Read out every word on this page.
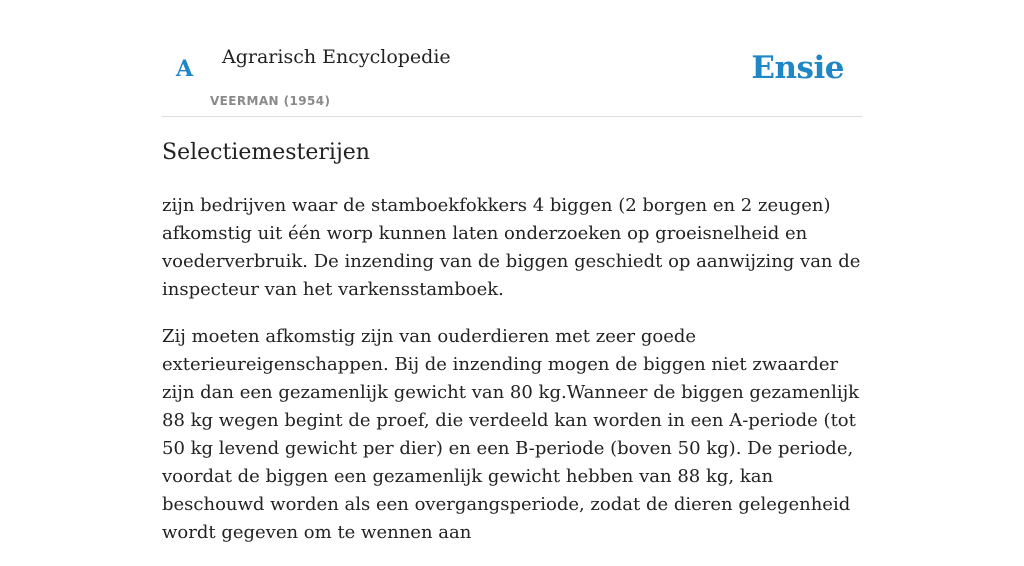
A Agrarisch Encyclopedie
VEERMAN (1954)
Ensie
Selectiemesterijen

zijn bedrijven waar de stamboekfokkers 4 biggen (2 borgen en 2 zeugen) afkomstig uit één worp kunnen laten onderzoeken op groeisnelheid en voederverbruik. De inzending van de biggen geschiedt op aanwijzing van de inspecteur van het varkensstamboek.

Zij moeten afkomstig zijn van ouderdieren met zeer goede exterieureigenschappen. Bij de inzending mogen de biggen niet zwaarder zijn dan een gezamenlijk gewicht van 80 kg.Wanneer de biggen gezamenlijk 88 kg wegen begint de proef, die verdeeld kan worden in een A-periode (tot 50 kg levend gewicht per dier) en een B-periode (boven 50 kg). De periode, voordat de biggen een gezamenlijk gewicht hebben van 88 kg, kan beschouwd worden als een overgangsperiode, zodat de dieren gelegenheid wordt gegeven om te wennen aan
